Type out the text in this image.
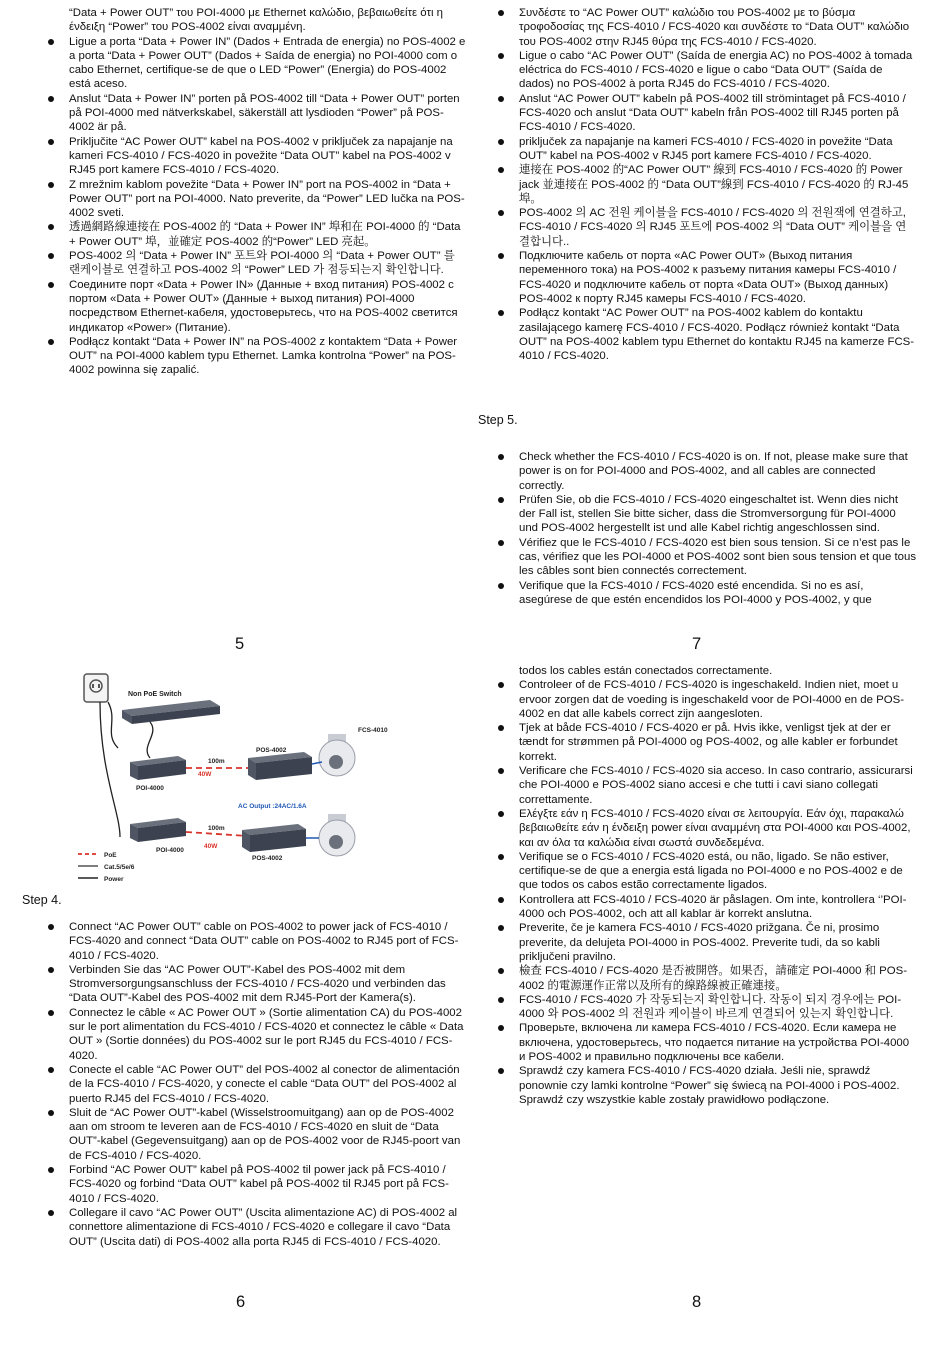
“Data + Power OUT” του POI-4000 με Ethernet καλώδιο, βεβαιωθείτε ότι η ένδειξη “Power” του POS-4002 είναι αναμμένη.
Ligue a porta “Data + Power IN” (Dados + Entrada de energia) no POS-4002 e a porta “Data + Power OUT” (Dados + Saída de energia) no POI-4000 com o cabo Ethernet, certifique-se de que o LED “Power” (Energia) do POS-4002 está aceso.
Anslut “Data + Power IN” porten på POS-4002 till “Data + Power OUT” porten på POI-4000 med nätverkskabel, säkerställ att lysdioden “Power” på POS-4002 är på.
Priključite “AC Power OUT” kabel na POS-4002 v priključek za napajanje na kameri FCS-4010 / FCS-4020 in povežite “Data OUT” kabel na POS-4002 v RJ45 port kamere FCS-4010 / FCS-4020.
Z mrežnim kablom povežite “Data + Power IN” port na POS-4002 in “Data + Power OUT” port na POI-4000. Nato preverite, da “Power” LED lučka na POS-4002 sveti.
透過網路線連接在 POS-4002 的 “Data + Power IN” 埠和在 POI-4000 的 “Data + Power OUT” 埠，並確定 POS-4002 的“Power” LED 亮起。
POS-4002 의 “Data + Power IN” 포트와 POI-4000 의 “Data + Power OUT” 를 랜케이블로 연결하고 POS-4002 의 “Power” LED 가 점등되는지 확인합니다.
Соедините порт «Data + Power IN» (Данные + вход питания) POS-4002 с портом «Data + Power OUT» (Данные + выход питания) POI-4000 посредством Ethernet-кабеля, удостоверьтесь, что на POS-4002 светится индикатор «Power» (Питание).
Podłącz kontakt “Data + Power IN” na POS-4002 z kontaktem “Data + Power OUT” na POI-4000 kablem typu Ethernet. Lamka kontrolna “Power” na POS-4002 powinna się zapalić.
Συνδέστε το “AC Power OUT” καλώδιο του POS-4002 με το βύσμα τροφοδοσίας της FCS-4010 / FCS-4020 και συνδέστε το “Data OUT” καλώδιο του POS-4002 στην RJ45 θύρα της FCS-4010 / FCS-4020.
Ligue o cabo “AC Power OUT” (Saída de energia AC) no POS-4002 à tomada eléctrica do FCS-4010 / FCS-4020 e ligue o cabo “Data OUT” (Saída de dados) no POS-4002 à porta RJ45 do FCS-4010 / FCS-4020.
Anslut “AC Power OUT” kabeln på POS-4002 till strömintaget på FCS-4010 / FCS-4020 och anslut “Data OUT” kabeln från POS-4002 till RJ45 porten på FCS-4010 / FCS-4020.
priključek za napajanje na kameri FCS-4010 / FCS-4020 in povežite “Data OUT” kabel na POS-4002 v RJ45 port kamere FCS-4010 / FCS-4020.
連接在 POS-4002 的“AC Power OUT” 線到 FCS-4010 / FCS-4020 的 Power jack 並連接在 POS-4002 的 “Data OUT”線到 FCS-4010 / FCS-4020 的 RJ-45 埠。
POS-4002 의 AC 전원 케이블을 FCS-4010 / FCS-4020 의 전원잭에 연결하고, FCS-4010 / FCS-4020 의 RJ45 포트에 POS-4002 의 “Data OUT” 케이블을 연결합니다..
Подключите кабель от порта «AC Power OUT» (Выход питания переменного тока) на POS-4002 к разъему питания камеры FCS-4010 / FCS-4020 и подключите кабель от порта «Data OUT» (Выход данных) POS-4002 к порту RJ45 камеры FCS-4010 / FCS-4020.
Podłącz kontakt “AC Power OUT” na POS-4002 kablem do kontaktu zasilającego kamerę FCS-4010 / FCS-4020. Podłącz również kontakt “Data OUT” na POS-4002 kablem typu Ethernet do kontaktu RJ45 na kamerze FCS-4010 / FCS-4020.
Step 5.
Check whether the FCS-4010 / FCS-4020 is on. If not, please make sure that power is on for POI-4000 and POS-4002, and all cables are connected correctly.
Prüfen Sie, ob die FCS-4010 / FCS-4020 eingeschaltet ist. Wenn dies nicht der Fall ist, stellen Sie bitte sicher, dass die Stromversorgung für POI-4000 und POS-4002 hergestellt ist und alle Kabel richtig angeschlossen sind.
Vérifiez que le FCS-4010 / FCS-4020 est bien sous tension. Si ce n’est pas le cas, vérifiez que les POI-4000 et POS-4002 sont bien sous tension et que tous les câbles sont bien connectés correctement.
Verifique que la FCS-4010 / FCS-4020 esté encendida. Si no es así, asegúrese de que estén encendidos los POI-4000 y POS-4002, y que
5	7
Non PoE Switch
POI-4000
100m
40W
POS-4002
FCS-4010
AC Output :24AC/1.6A
POI-4000
100m
40W
POS-4002
PoE
Cat.5/5e/6
Power
Step 4.
Connect “AC Power OUT” cable on POS-4002 to power jack of FCS-4010 / FCS-4020 and connect “Data OUT” cable on POS-4002 to RJ45 port of FCS-4010 / FCS-4020.
Verbinden Sie das “AC Power OUT”-Kabel des POS-4002 mit dem Stromversorgungsanschluss der FCS-4010 / FCS-4020 und verbinden das “Data OUT”-Kabel des POS-4002 mit dem RJ45-Port der Kamera(s).
Connectez le câble « AC Power OUT » (Sortie alimentation CA) du POS-4002 sur le port alimentation du FCS-4010 / FCS-4020 et connectez le câble « Data OUT » (Sortie données) du POS-4002 sur le port RJ45 du FCS-4010 / FCS-4020.
Conecte el cable “AC Power OUT” del POS-4002 al conector de alimentación de la FCS-4010 / FCS-4020, y conecte el cable “Data OUT” del POS-4002 al puerto RJ45 del FCS-4010 / FCS-4020.
Sluit de “AC Power OUT”-kabel (Wisselstroomuitgang) aan op de POS-4002 aan om stroom te leveren aan de FCS-4010 / FCS-4020 en sluit de “Data OUT”-kabel (Gegevensuitgang) aan op de POS-4002 voor de RJ45-poort van de FCS-4010 / FCS-4020.
Forbind “AC Power OUT” kabel på POS-4002 til power jack på FCS-4010 / FCS-4020 og forbind “Data OUT” kabel på POS-4002 til RJ45 port på FCS-4010 / FCS-4020.
Collegare il cavo “AC Power OUT” (Uscita alimentazione AC) di POS-4002 al connettore alimentazione di FCS-4010 / FCS-4020 e collegare il cavo “Data OUT” (Uscita dati) di POS-4002 alla porta RJ45 di FCS-4010 / FCS-4020.
todos los cables están conectados correctamente.
Controleer of de FCS-4010 / FCS-4020 is ingeschakeld. Indien niet, moet u ervoor zorgen dat de voeding is ingeschakeld voor de POI-4000 en de POS-4002 en dat alle kabels correct zijn aangesloten.
Tjek at både FCS-4010 / FCS-4020 er på. Hvis ikke, venligst tjek at der er tændt for strømmen på POI-4000 og POS-4002, og alle kabler er forbundet korrekt.
Verificare che FCS-4010 / FCS-4020 sia acceso. In caso contrario, assicurarsi che POI-4000 e POS-4002 siano accesi e che tutti i cavi siano collegati correttamente.
Ελέγξτε εάν η FCS-4010 / FCS-4020 είναι σε λειτουργία. Εάν όχι, παρακαλώ βεβαιωθείτε εάν η ένδειξη power είναι αναμμένη στα POI-4000 και POS-4002, και αν όλα τα καλώδια είναι σωστά συνδεδεμένα.
Verifique se o FCS-4010 / FCS-4020 está, ou não, ligado. Se não estiver, certifique-se de que a energia está ligada no POI-4000 e no POS-4002 e de que todos os cabos estão correctamente ligados.
Kontrollera att FCS-4010 / FCS-4020 är påslagen. Om inte, kontrollera ‘’POI-4000 och POS-4002, och att all kablar är korrekt anslutna.
Preverite, če je kamera FCS-4010 / FCS-4020 prižgana. Če ni, prosimo preverite, da delujeta POI-4000 in POS-4002. Preverite tudi, da so kabli priključeni pravilno.
檢查 FCS-4010 / FCS-4020 是否被開啓。如果否，請確定 POI-4000 和 POS-4002 的電源運作正常以及所有的線路線被正確連接。
FCS-4010 / FCS-4020 가 작동되는지 확인합니다. 작동이 되지 경우에는 POI-4000 와 POS-4002 의 전원과 케이블이 바르게 연결되어 있는지 확인합니다.
Проверьте, включена ли камера FCS-4010 / FCS-4020. Если камера не включена, удостоверьтесь, что подается питание на устройства POI-4000 и POS-4002 и правильно подключены все кабели.
Sprawdź czy kamera FCS-4010 / FCS-4020 działa. Jeśli nie, sprawdź ponownie czy lamki kontrolne “Power” się świecą na POI-4000 i POS-4002. Sprawdź czy wszystkie kable zostały prawidłowo podłączone.
6	8
